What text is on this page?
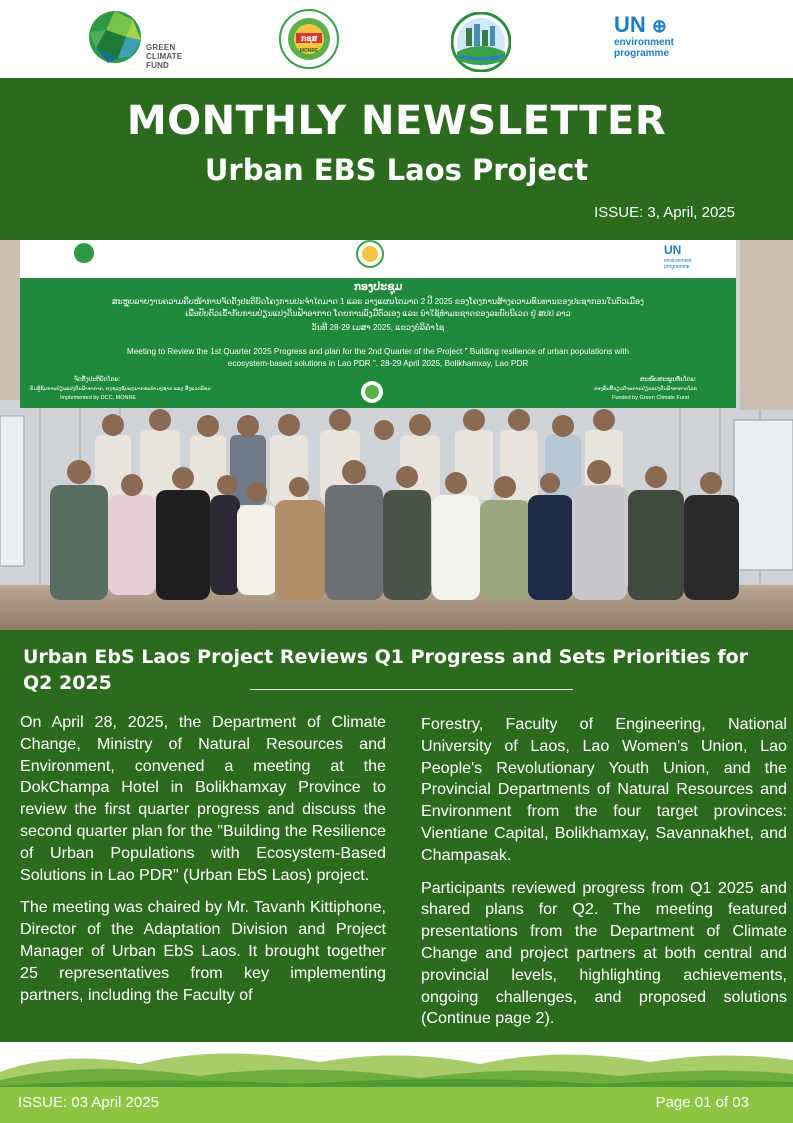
GREEN
CLIMATE
FUND
ກຊສ
MONRE
UN ⊕
environment
programme
MONTHLY NEWSLETTER
Urban EBS Laos Project
ISSUE: 3, April, 2025
UN
environment
programme
ກອງປະຊຸມ
ສະຫຼຸບລາຍງານຄວາມຄືບໜ້າການຈັດຕັ້ງປະຕິບັດໂຄງການປະຈຳໄຕມາດ 1 ແລະ ວາງແຜນໄຕມາດ 2 ປີ 2025 ຂອງໂຄງການສ້າງຄວາມທົນທານຂອງປະຊາກອນໃນຕົວເມືອງ
ເພື່ອປັບຕົວເຂົ້າກັບການປ່ຽນແປງດິນຟ້າອາກາດ ໂດຍການລົງມືຕົວເອງ ແລະ ນຳໃຊ້ທຳມະຊາດຂອງລະບົບນິເວດ ຢູ່ ສປປ ລາວ
ວັນທີ 28-29 ເມສາ 2025, ແຂວງບໍລິຄໍາໄຊ
Meeting to Review the 1st Quarter 2025 Progress and plan for the 2nd Quarter of the Project " Building resilience of urban populations with
ecosystem-based solutions in Lao PDR ". 28-29 April 2025, Bolikhamxay, Lao PDR
ຈັດຕັ້ງປະຕິບັດໂດຍ:
ກົມສູ້ຊົນການປ່ຽນແປງດິນຟ້າອາກາດ, ກະຊວງຊັບພະຍາກອນທຳມະຊາດ ແລະ ສິ່ງແວດລ້ອມ
Implemented by DCC, MONRE
ສະໜັບສະໜູນທຶນໂດຍ:
ກອງທຶນສີຂຽວດ້ານການປ່ຽນແປງດິນຟ້າອາກາດໂລກ
Funded by Green Climate Fund
Urban EbS Laos Project Reviews Q1 Progress and Sets Priorities for Q2 2025

On April 28, 2025, the Department of Climate Change, Ministry of Natural Resources and Environment, convened a meeting at the DokChampa Hotel in Bolikhamxay Province to review the first quarter progress and discuss the second quarter plan for the "Building the Resilience of Urban Populations with Ecosystem-Based Solutions in Lao PDR" (Urban EbS Laos) project.

The meeting was chaired by Mr. Tavanh Kittiphone, Director of the Adaptation Division and Project Manager of Urban EbS Laos. It brought together 25 representatives from key implementing partners, including the Faculty of

Forestry, Faculty of Engineering, National University of Laos, Lao Women's Union, Lao People's Revolutionary Youth Union, and the Provincial Departments of Natural Resources and Environment from the four target provinces: Vientiane Capital, Bolikhamxay, Savannakhet, and Champasak.

Participants reviewed progress from Q1 2025 and shared plans for Q2. The meeting featured presentations from the Department of Climate Change and project partners at both central and provincial levels, highlighting achievements, ongoing challenges, and proposed solutions (Continue page 2).

ISSUE: 03 April 2025	Page 01 of 03
